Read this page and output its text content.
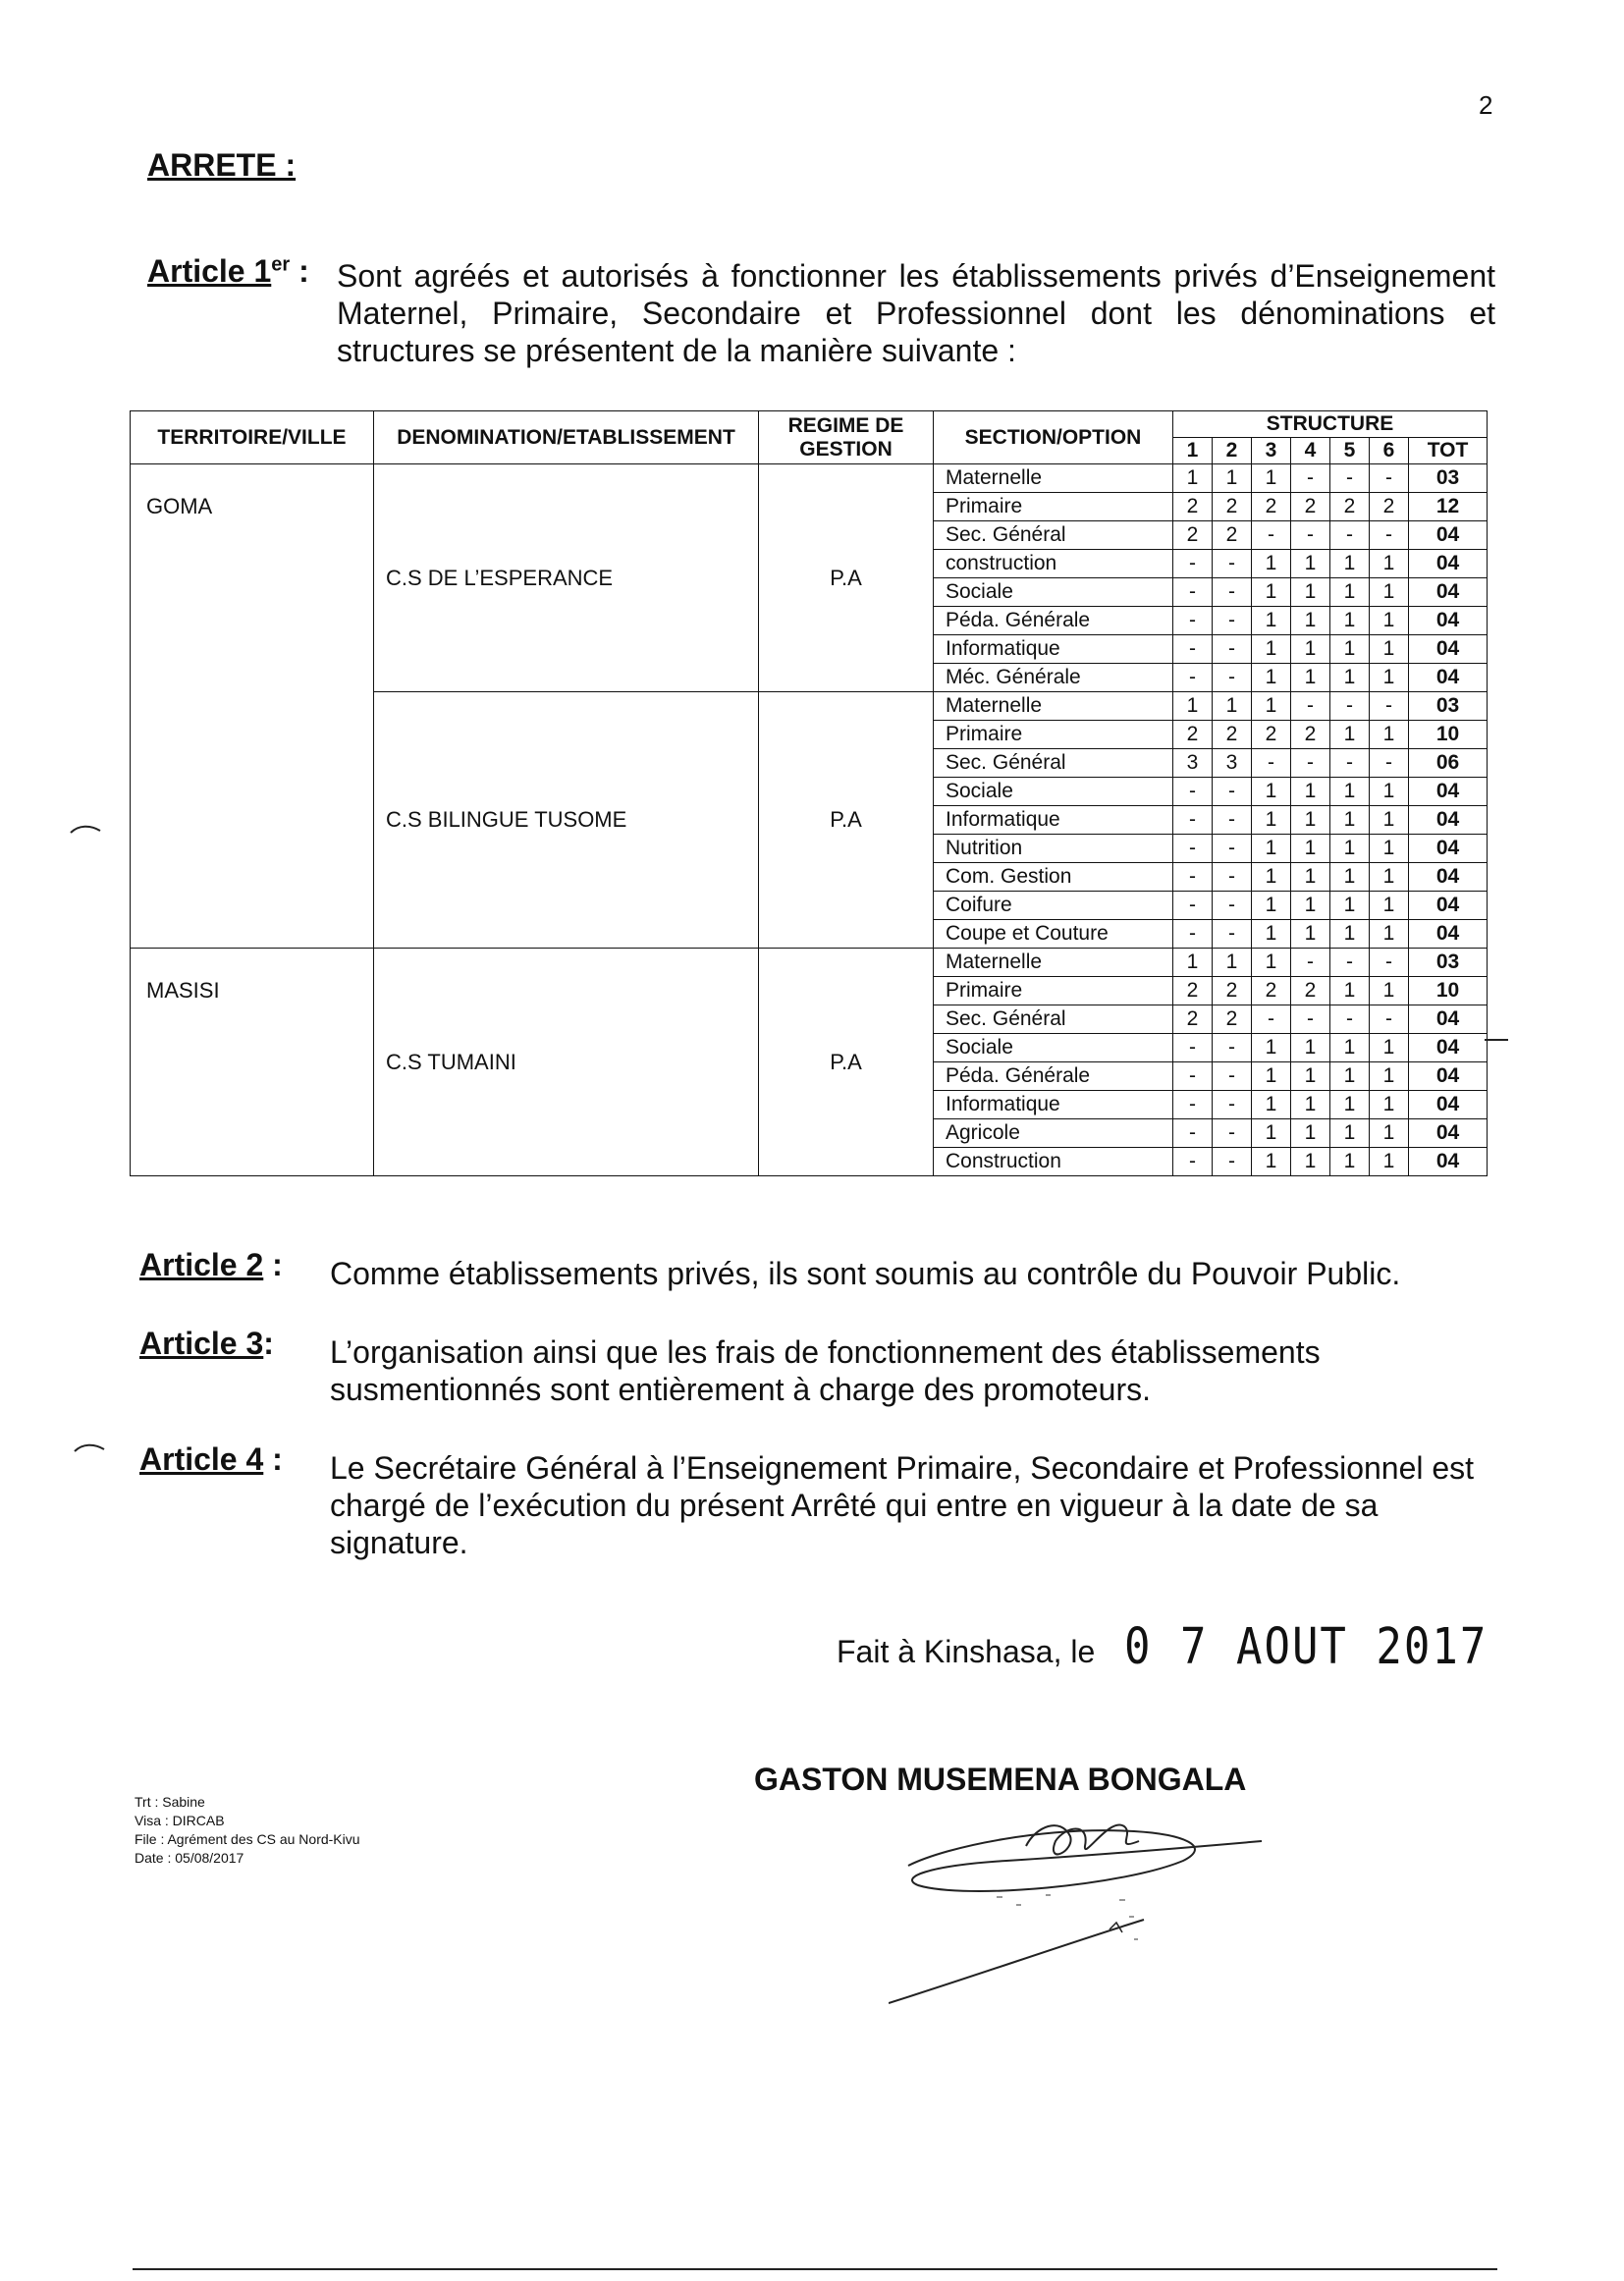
2
ARRETE :
Article 1er : Sont agréés et autorisés à fonctionner les établissements privés d’Enseignement Maternel, Primaire, Secondaire et Professionnel dont les dénominations et structures se présentent de la manière suivante :
TERRITOIRE/VILLE	DENOMINATION/ETABLISSEMENT	REGIME DE GESTION	SECTION/OPTION	STRUCTURE						
				1	2	3	4	5	6	TOT
GOMA	C.S DE L’ESPERANCE	P.A	Maternelle	1	1	1	-	-	-	03
			Primaire	2	2	2	2	2	2	12
			Sec. Général	2	2	-	-	-	-	04
			construction	-	-	1	1	1	1	04
			Sociale	-	-	1	1	1	1	04
			Péda. Générale	-	-	1	1	1	1	04
			Informatique	-	-	1	1	1	1	04
			Méc. Générale	-	-	1	1	1	1	04
	C.S BILINGUE TUSOME	P.A	Maternelle	1	1	1	-	-	-	03
			Primaire	2	2	2	2	1	1	10
			Sec. Général	3	3	-	-	-	-	06
			Sociale	-	-	1	1	1	1	04
			Informatique	-	-	1	1	1	1	04
			Nutrition	-	-	1	1	1	1	04
			Com. Gestion	-	-	1	1	1	1	04
			Coifure	-	-	1	1	1	1	04
			Coupe et Couture	-	-	1	1	1	1	04
MASISI	C.S TUMAINI	P.A	Maternelle	1	1	1	-	-	-	03
			Primaire	2	2	2	2	1	1	10
			Sec. Général	2	2	-	-	-	-	04
			Sociale	-	-	1	1	1	1	04
			Péda. Générale	-	-	1	1	1	1	04
			Informatique	-	-	1	1	1	1	04
			Agricole	-	-	1	1	1	1	04
			Construction	-	-	1	1	1	1	04
Article 2 : Comme établissements privés, ils sont soumis au contrôle du Pouvoir Public.
Article 3: L’organisation ainsi que les frais de fonctionnement des établissements susmentionnés sont entièrement à charge des promoteurs.
Article 4 : Le Secrétaire Général à l’Enseignement Primaire, Secondaire et Professionnel est chargé de l’exécution du présent Arrêté qui entre en vigueur à la date de sa signature.
Fait à Kinshasa, le 0 7 AOUT 2017
GASTON MUSEMENA BONGALA
Trt : Sabine
Visa : DIRCAB
File : Agrément des CS au Nord-Kivu
Date : 05/08/2017
